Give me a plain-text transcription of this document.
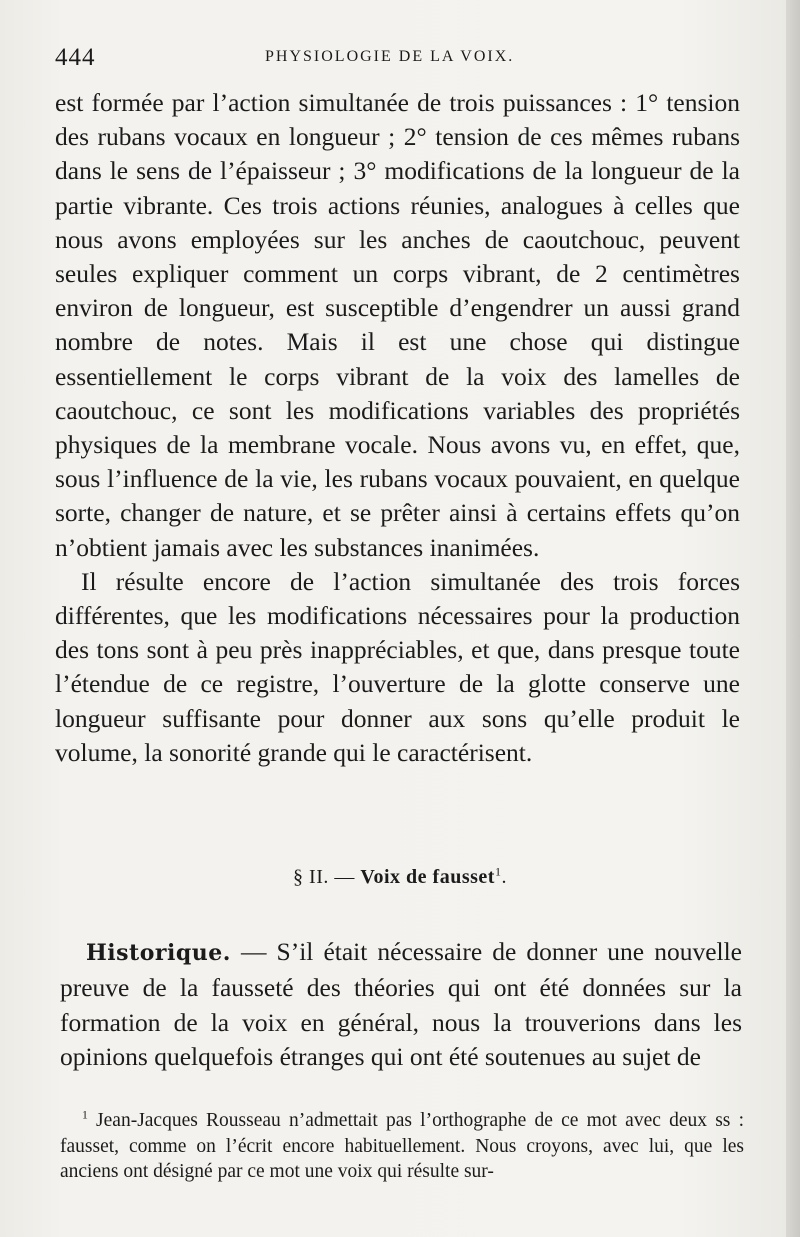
444	PHYSIOLOGIE DE LA VOIX.

est formée par l’action simultanée de trois puissances : 1° tension des rubans vocaux en longueur ; 2° tension de ces mêmes rubans dans le sens de l’épaisseur ; 3° modifications de la longueur de la partie vibrante. Ces trois actions réunies, analogues à celles que nous avons employées sur les anches de caoutchouc, peuvent seules expliquer comment un corps vibrant, de 2 centimètres environ de longueur, est susceptible d’engendrer un aussi grand nombre de notes. Mais il est une chose qui distingue essentiellement le corps vibrant de la voix des lamelles de caoutchouc, ce sont les modifications variables des propriétés physiques de la membrane vocale. Nous avons vu, en effet, que, sous l’influence de la vie, les rubans vocaux pouvaient, en quelque sorte, changer de nature, et se prêter ainsi à certains effets qu’on n’obtient jamais avec les substances inanimées.

Il résulte encore de l’action simultanée des trois forces différentes, que les modifications nécessaires pour la production des tons sont à peu près inappréciables, et que, dans presque toute l’étendue de ce registre, l’ouverture de la glotte conserve une longueur suffisante pour donner aux sons qu’elle produit le volume, la sonorité grande qui le caractérisent.

§ II. — Voix de fausset$^1$.

Historique. — S’il était nécessaire de donner une nouvelle preuve de la fausseté des théories qui ont été données sur la formation de la voix en général, nous la trouverions dans les opinions quelquefois étranges qui ont été soutenues au sujet de

$^1$ Jean-Jacques Rousseau n’admettait pas l’orthographe de ce mot avec deux ss : fausset, comme on l’écrit encore habituellement. Nous croyons, avec lui, que les anciens ont désigné par ce mot une voix qui résulte sur-
